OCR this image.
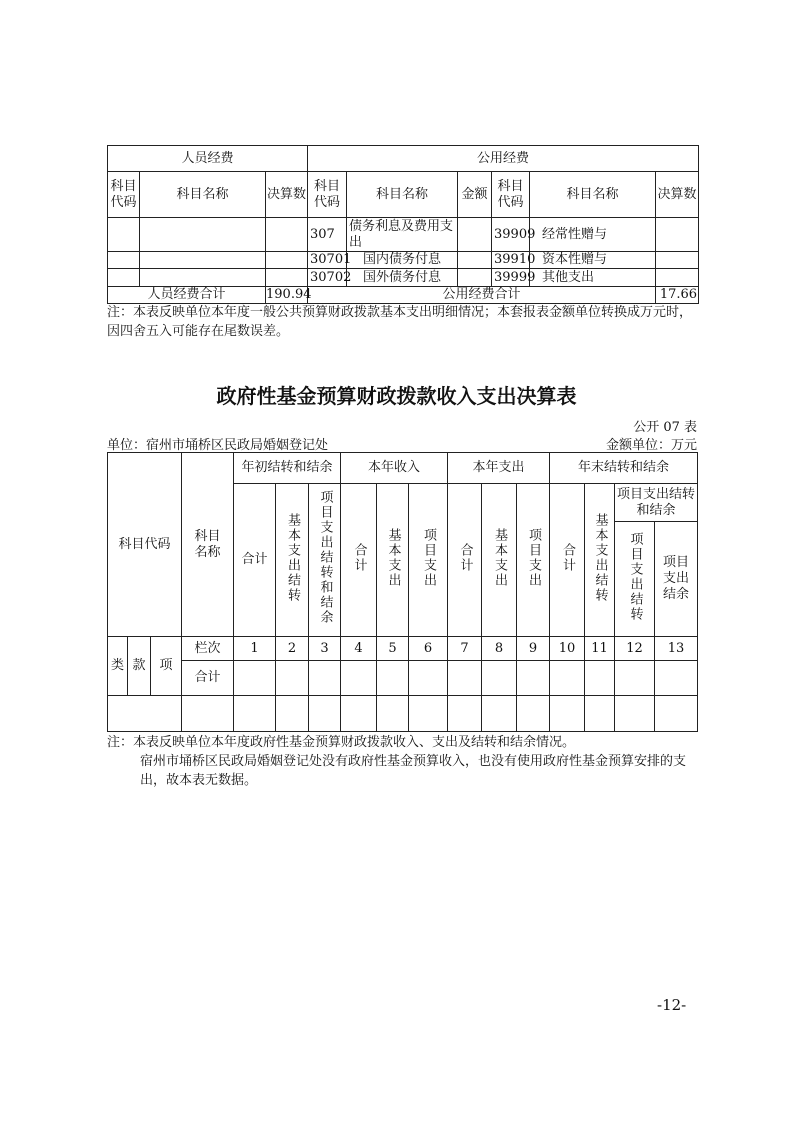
人员经费			公用经费					
科目代码	科目名称	决算数	科目代码	科目名称	金额	科目代码	科目名称	决算数
			307	债务利息及费用支出		39909	经常性赠与	
			30701	国内债务付息		39910	资本性赠与	
			30702	国外债务付息		39999	其他支出	
人员经费合计		190.94	公用经费合计					17.66
注：本表反映单位本年度一般公共预算财政拨款基本支出明细情况；本套报表金额单位转换成万元时，因四舍五入可能存在尾数误差。
政府性基金预算财政拨款收入支出决算表
公开 07 表
单位：宿州市埇桥区民政局婚姻登记处	金额单位：万元
科目代码			科目名称	年初结转和结余			本年收入			本年支出			年末结转和结余			
				合计	基本支出结转	项目支出结转和结余	合计	基本支出	项目支出	合计	基本支出	项目支出	合计	基本支出结转	项目支出结转和结余	
															项目支出结转	项目支出结余
类	款	项	栏次	1	2	3	4	5	6	7	8	9	10	11	12	13
			合计													

注：本表反映单位本年度政府性基金预算财政拨款收入、支出及结转和结余情况。
宿州市埇桥区民政局婚姻登记处没有政府性基金预算收入，也没有使用政府性基金预算安排的支出，故本表无数据。
-12-
